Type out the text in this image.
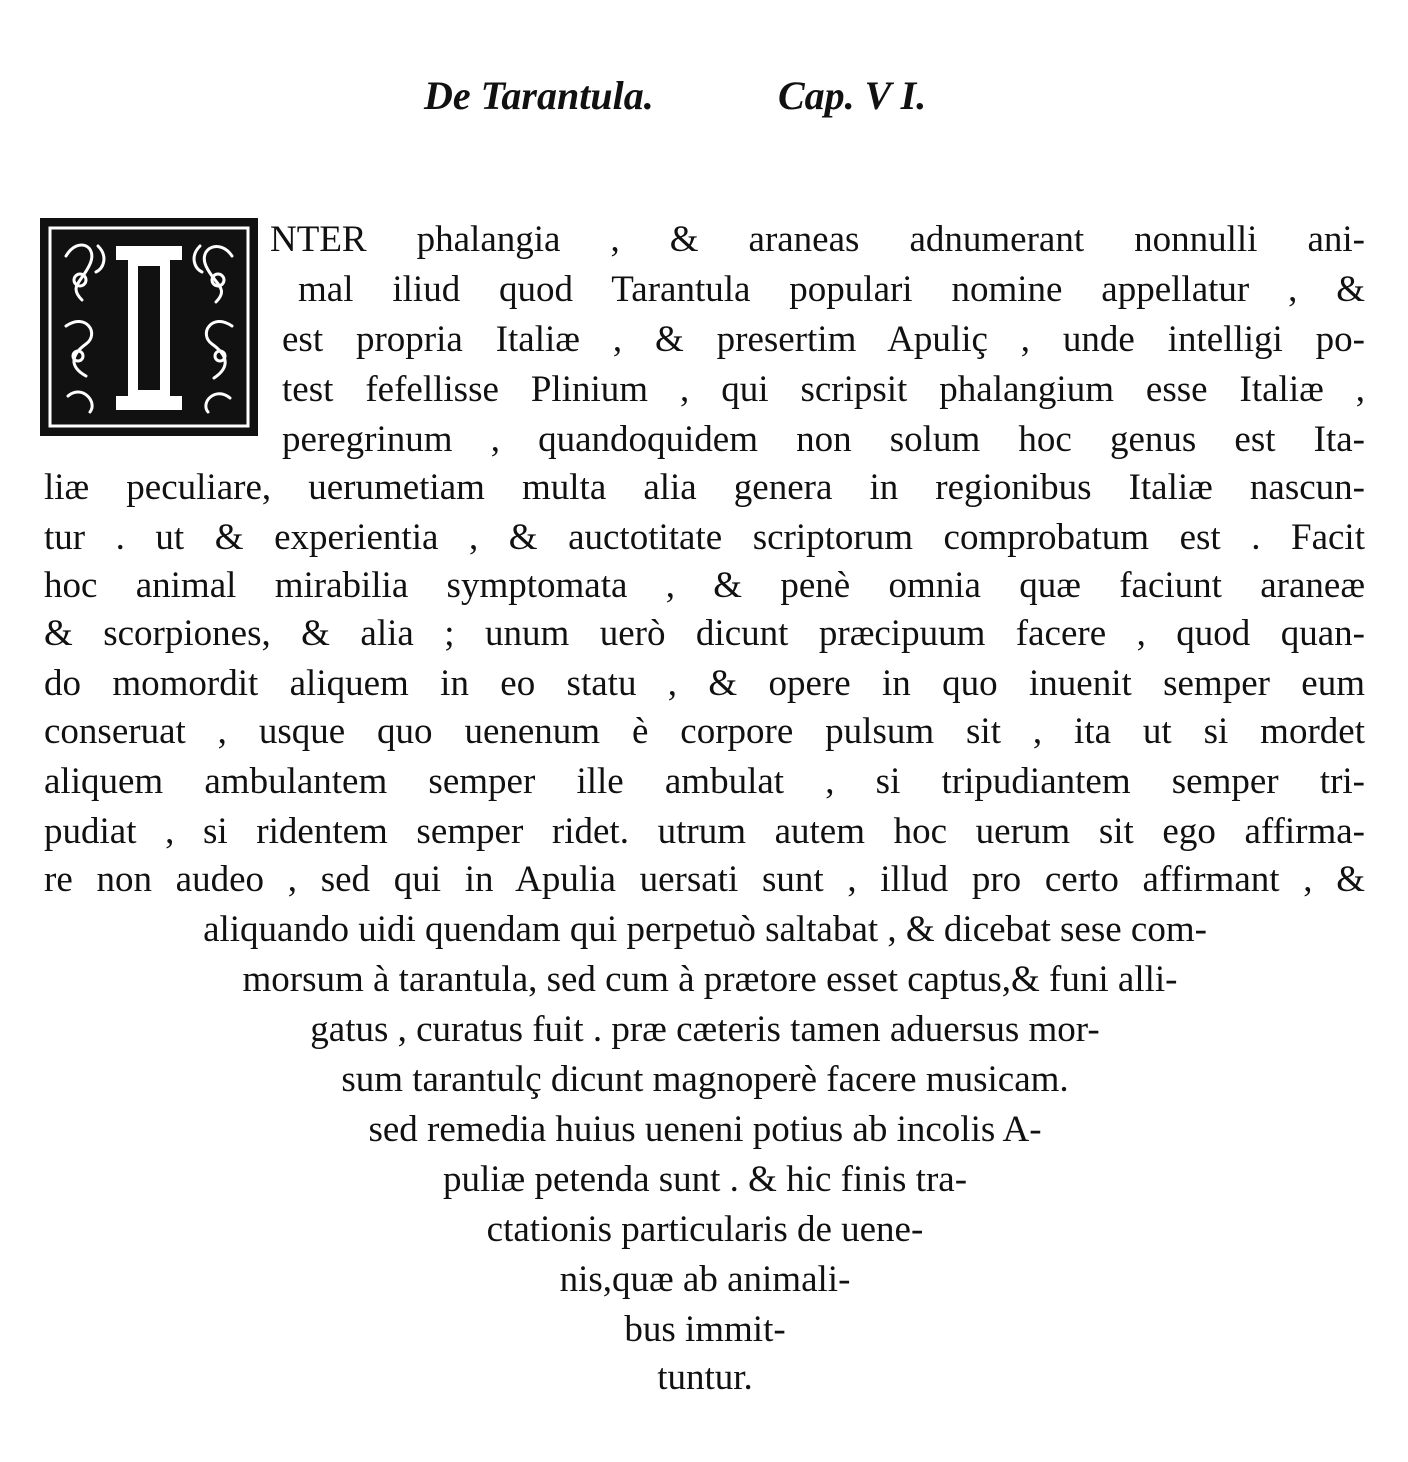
De Tarantula.	Cap. V I.
NTER phalangia , & araneas adnumerant nonnulli ani-
mal iliud quod Tarantula populari nomine appellatur , &
est propria Italiæ , & presertim Apuliç , unde intelligi po-
test fefellisse Plinium , qui scripsit phalangium esse Italiæ ,
peregrinum , quandoquidem non solum hoc genus est Ita-
liæ peculiare, uerumetiam multa alia genera in regionibus Italiæ nascun-
tur . ut & experientia , & auctotitate scriptorum comprobatum est . Facit
hoc animal mirabilia symptomata , & penè omnia quæ faciunt araneæ
& scorpiones, & alia ; unum uerò dicunt præcipuum facere , quod quan-
do momordit aliquem in eo statu , & opere in quo inuenit semper eum
conseruat , usque quo uenenum è corpore pulsum sit , ita ut si mordet
aliquem ambulantem semper ille ambulat , si tripudiantem semper tri-
pudiat , si ridentem semper ridet. utrum autem hoc uerum sit ego affirma-
re non audeo , sed qui in Apulia uersati sunt , illud pro certo affirmant , &
aliquando uidi quendam qui perpetuò saltabat , & dicebat sese com-
morsum à tarantula, sed cum à prætore esset captus,& funi alli-
gatus , curatus fuit . præ cæteris tamen aduersus mor-
sum tarantulç dicunt magnoperè facere musicam.
sed remedia huius ueneni potius ab incolis A-
puliæ petenda sunt . & hic finis tra-
ctationis particularis de uene-
nis,quæ ab animali-
bus immit-
tuntur.
